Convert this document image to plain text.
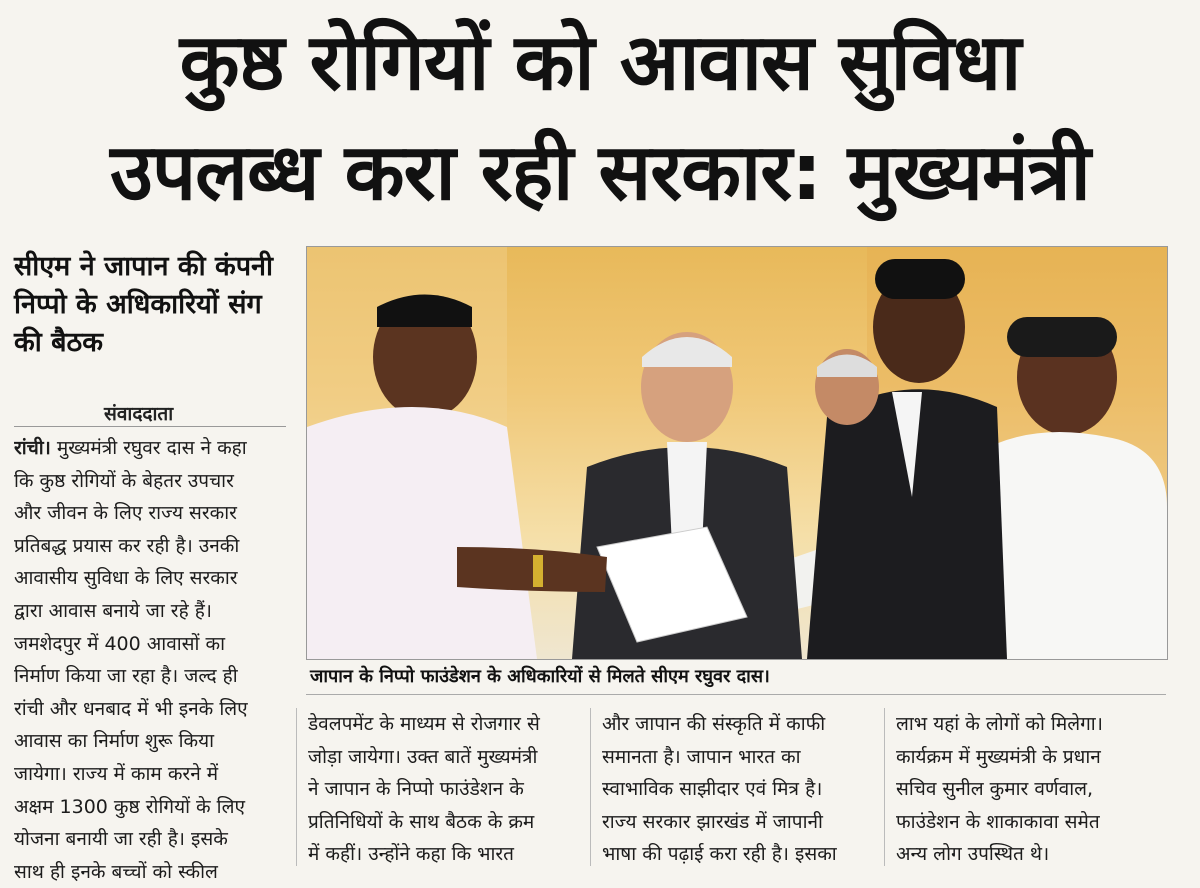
कुष्ठ रोगियों को आवास सुविधा
उपलब्ध करा रही सरकार: मुख्यमंत्री
सीएम ने जापान की कंपनी निप्पो के अधिकारियों संग की बैठक
संवाददाता
जापान के निप्पो फाउंडेशन के अधिकारियों से मिलते सीएम रघुवर दास।
रांची। मुख्यमंत्री रघुवर दास ने कहा
कि कुष्ठ रोगियों के बेहतर उपचार
और जीवन के लिए राज्य सरकार
प्रतिबद्ध प्रयास कर रही है। उनकी
आवासीय सुविधा के लिए सरकार
द्वारा आवास बनाये जा रहे हैं।
जमशेदपुर में 400 आवासों का
निर्माण किया जा रहा है। जल्द ही
रांची और धनबाद में भी इनके लिए
आवास का निर्माण शुरू किया
जायेगा। राज्य में काम करने में
अक्षम 1300 कुष्ठ रोगियों के लिए
योजना बनायी जा रही है। इसके
साथ ही इनके बच्चों को स्कील
डेवलपमेंट के माध्यम से रोजगार से
जोड़ा जायेगा। उक्त बातें मुख्यमंत्री
ने जापान के निप्पो फाउंडेशन के
प्रतिनिधियों के साथ बैठक के क्रम
में कहीं। उन्होंने कहा कि भारत
और जापान की संस्कृति में काफी
समानता है। जापान भारत का
स्वाभाविक साझीदार एवं मित्र है।
राज्य सरकार झारखंड में जापानी
भाषा की पढ़ाई करा रही है। इसका
लाभ यहां के लोगों को मिलेगा।
कार्यक्रम में मुख्यमंत्री के प्रधान
सचिव सुनील कुमार वर्णवाल,
फाउंडेशन के शाकाकावा समेत
अन्य लोग उपस्थित थे।
